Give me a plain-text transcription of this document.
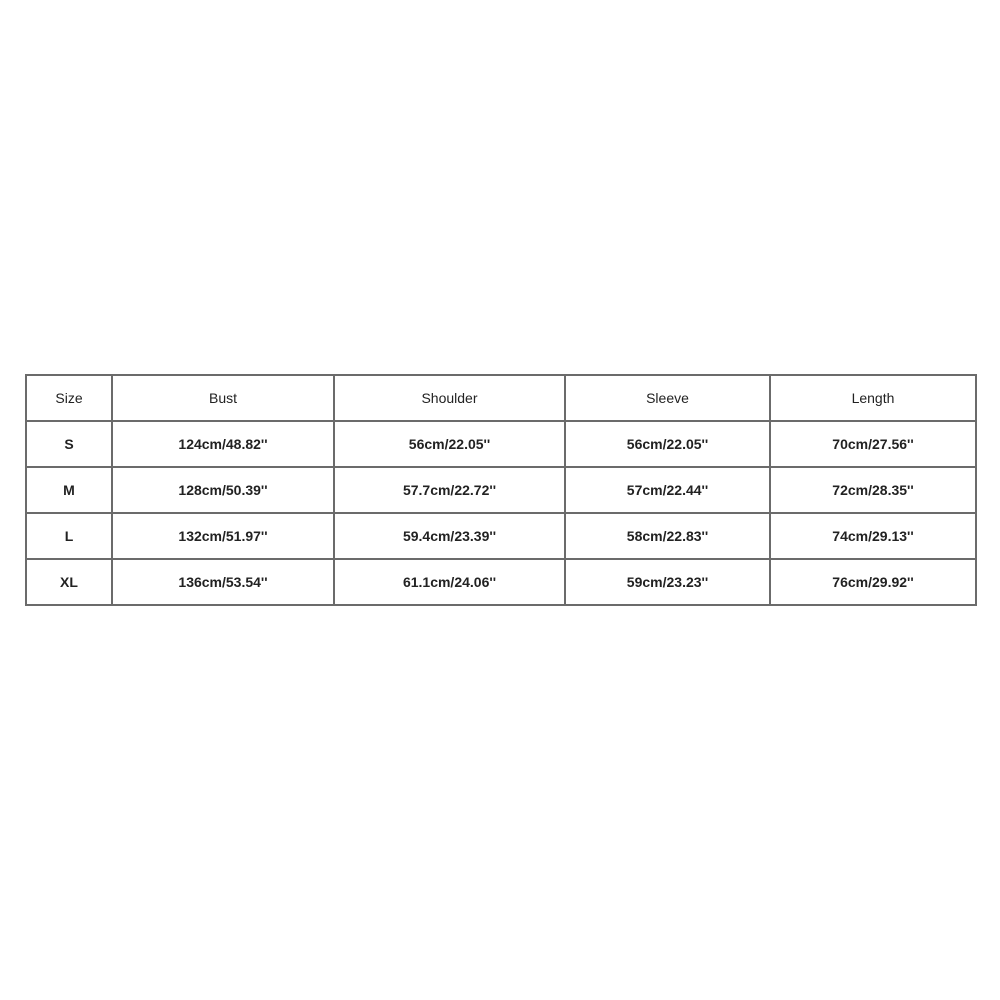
Size	Bust	Shoulder	Sleeve	Length
S	124cm/48.82''	56cm/22.05''	56cm/22.05''	70cm/27.56''
M	128cm/50.39''	57.7cm/22.72''	57cm/22.44''	72cm/28.35''
L	132cm/51.97''	59.4cm/23.39''	58cm/22.83''	74cm/29.13''
XL	136cm/53.54''	61.1cm/24.06''	59cm/23.23''	76cm/29.92''
